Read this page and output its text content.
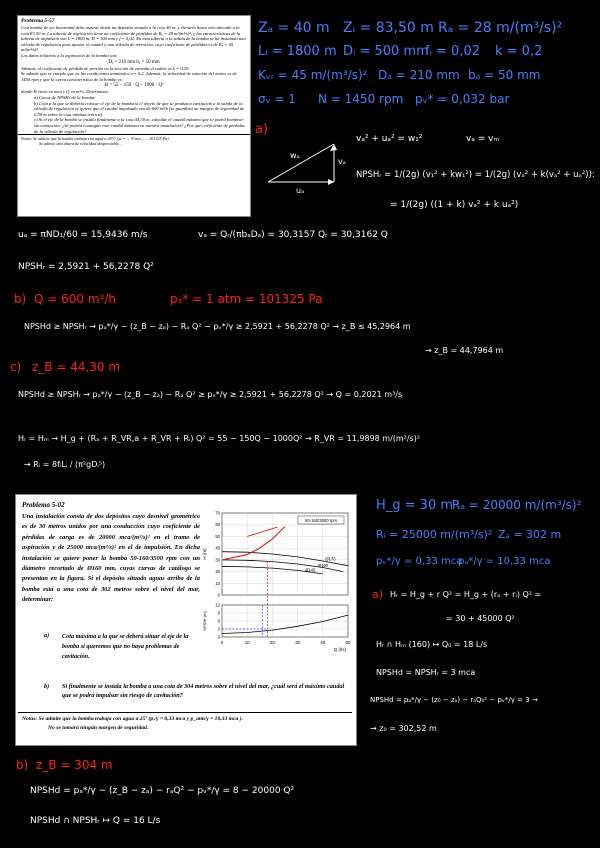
Problema 5-57
Una bomba de eje horizontal debe aspirar desde un depósito situado a la cota 40 m, y elevarlo hasta otro ubicado a la cota 83,50 m. La tubería de aspiración tiene un coeficiente de pérdidas de Rₐ = 28 m/(m³/s)², y las características de la tubería de impulsión son L = 1800 m, D = 500 mm y f = 0,02. En esta tubería a la salida de la bomba se ha instalado una válvula de regulación para ajustar el caudal y una válvula de retención, cuyo coeficiente de pérdidas es de Kᵥ = 45 m/(m³/s)².
Los datos relativos a la aspiración de la bomba son:
Dₐ = 210 mm bₐ = 50 mm
Además, el coeficiente de pérdida de presión en la sección de entrada al rodete es k = 0,20.
Se admite que se cumple que en las condiciones nominales σ = 0,2. Además, la velocidad de rotación del motor es de 1450 rpm y que la curva característica de la bomba es:
H = 55 − 150 · Q − 1000 · Q²
donde H viene en mca y Q en m³/s. Determinar:
a) Curva de NPSHr de la bomba.
b) Cota a la que se debería colocar el eje de la bomba si el objeto de que se produzca cavitación a la salida de la válvula de regulación se quiere que el caudal impulsado sea de 600 m³/h (se guardará un margen de seguridad de 0,50 m sobre la cota mínima teórica).
c) Si el eje de la bomba se instala finalmente a la cota 44,30 m, calcular el caudal máximo que se podrá bombear sin cavitación. ¿Se podría conseguir este caudal máximo en nuestra instalación? ¿Por qué coeficiente de pérdidas de la válvula de regulación?
Notas: Se admite que la bomba trabaja con agua a 20°C (pᵥ = ... N·m/s... ... 101325 Pa)
Se admite una altura de velocidad despreciable...
Zₐ = 40 m Zᵢ = 83,50 m Rₐ = 28 m/(m³/s)²
Lᵢ = 1800 m Dᵢ = 500 mm
fᵢ = 0,02 k = 0,2
Kᵥᵣ = 45 m/(m³/s)² Dₐ = 210 mm bₐ = 50 mm
σᵥ = 1 N = 1450 rpm pᵥ* = 0,032 bar
a)
wₐ
vₐ
uₐ
vₐ² + uₐ² = w₁²	vₐ = vₘ
NPSHᵣ = 1/(2g) (v₁² + kw₁²) = 1/(2g) (vₐ² + k(vₐ² + uₐ²)):
= 1/(2g) ((1 + k) vₐ² + k uₐ²)
uₐ = πND₁/60 = 15,9436 m/s	vₐ = Qᵣ/(πbₐDₐ) = 30,3157 Qᵣ = 30,3162 Q
NPSHᵣ = 2,5921 + 56,2278 Q²
b) Q = 600 m³/h	pₐ* = 1 atm = 101325 Pa
NPSHd ≥ NPSHᵣ → pₐ*/γ − (z_B − zₐ) − Rₐ Q² − pᵥ*/γ ≥ 2,5921 + 56,2278 Q² → z_B ≤ 45,2964 m
→ z_B = 44,7964 m
c) z_B = 44,30 m
NPSHd ≥ NPSHᵣ → pₐ*/γ − (z_B − zₐ) − Rₐ Q² ≥ pᵥ*/γ ≥ 2,5921 + 56,2278 Q² → Q = 0,2021 m³/s
Hᵣ = Hₘ → H_g + (Rₐ + R_VR,a + R_VR + Rᵢ) Q² = 55 − 150Q − 1000Q² → R_VR = 11,9898 m/(m³/s)²
→ Rᵢ = 8fᵢLᵢ / (π²gDᵢ⁵)
Problema 5-02
Una instalación consta de dos depósitos cuyo desnivel geométrico es de 30 metros unidos por una conducción cuyo coeficiente de pérdidas de carga es de 20000 mca/(m³/s)² en el tramo de aspiración y de 25000 mca/(m³/s)² en el de impulsión. En dicha instalación se quiere poner la bomba 50-160/3500 rpm con un diámetro recortado de Ø160 mm, cuyas curvas de catálogo se presentan en la figura. Si el depósito situado aguas arriba de la bomba está a una cota de 302 metros sobre el nivel del mar, determinar:
a) Cota máxima a la que se deberá situar el eje de la bomba si queremos que no haya problemas de cavitación.
b) Si finalmente se instala la bomba a una cota de 304 metros sobre el nivel del mar, ¿cuál será el máximo caudal que se podrá impulsar sin riesgo de cavitación?
Notas: Se admite que la bomba trabaja con agua a 25º (pᵥ/γ = 0,33 mca y p_atm/γ = 10,33 mca ).
No se tomará ningún margen de seguridad.
0	10	20	30	40	50
0
10
20
30
40
50
60
70
0
3
6
9
12
H (m)
NPSHr (m)
Q (l/s)
50-160/3500 rpm
Ø176
Ø160
Ø145
H_g = 30 m
Rₐ = 20000 m/(m³/s)²
Rᵢ = 25000 m/(m³/s)² Zₐ = 302 m
pᵥ*/γ = 0,33 mca
pₐ*/γ = 10,33 mca
a) Hᵣ = H_g + r Q² = H_g + (rₐ + rᵢ) Q² =
= 30 + 45000 Q²
Hᵣ ∩ Hₘ (160) ↦ Q₀ = 18 L/s
NPSHd = NPSHᵣ = 3 mca
NPSHd = pₐ*/γ − (z₀ − zₐ) − rₐQ₀² − pᵥ*/γ = 3 →
→ z₀ = 302,52 m
b) z_B = 304 m
NPSHd = pₐ*/γ − (z_B − zₐ) − rₐQ² − pᵥ*/γ = 8 − 20000 Q²
NPSHd ∩ NPSHᵣ ↦ Q = 16 L/s
